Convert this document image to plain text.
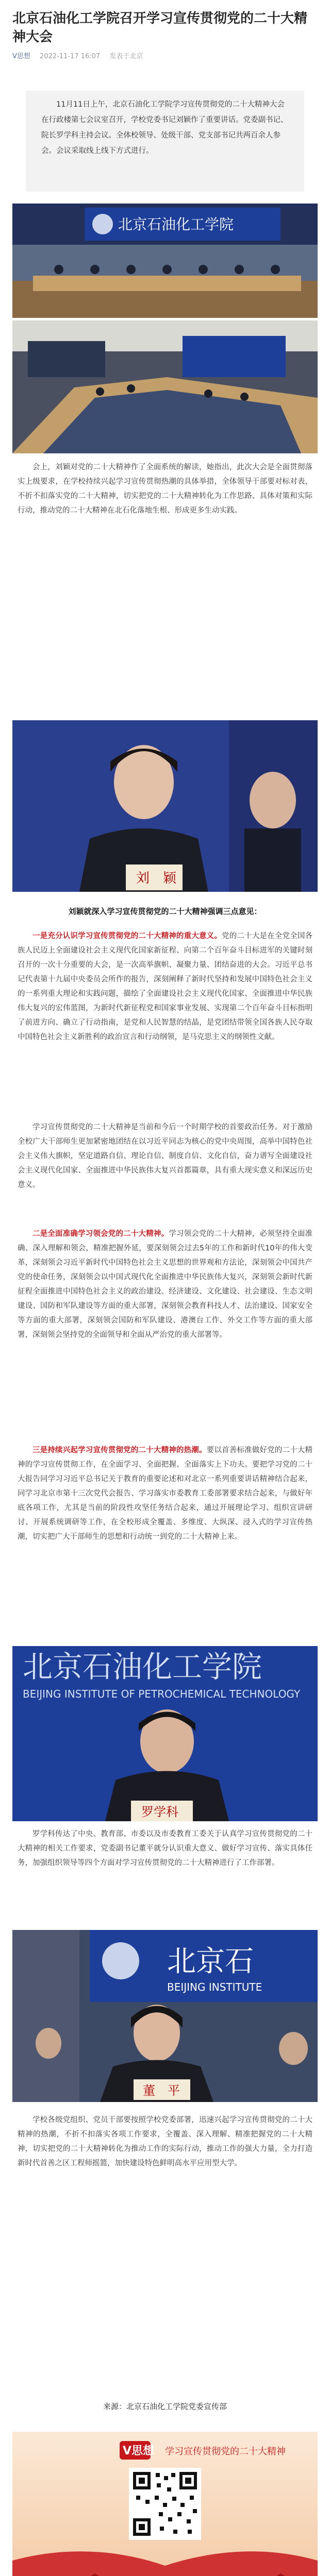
北京石油化工学院召开学习宣传贯彻党的二十大精神大会
V思想 2022-11-17 16:07 发表于北京

11月11日上午，北京石油化工学院学习宣传贯彻党的二十大精神大会在行政楼第七会议室召开，学校党委书记刘颖作了重要讲话。党委副书记、院长罗学科主持会议。全体校领导、处级干部、党支部书记共两百余人参会。会议采取线上线下方式进行。

北京石油化工学院

会上，刘颖对党的二十大精神作了全面系统的解读，她指出，此次大会是全面贯彻落实上级要求，在学校持续兴起学习宣传贯彻热潮的具体举措，全体领导干部要对标对表，不折不扣落实党的二十大精神，切实把党的二十大精神转化为工作思路、具体对策和实际行动，推动党的二十大精神在北石化落地生根、形成更多生动实践。

刘　颖

刘颖就深入学习宣传贯彻党的二十大精神强调三点意见：

一是充分认识学习宣传贯彻党的二十大精神的重大意义。党的二十大是在全党全国各族人民迈上全面建设社会主义现代化国家新征程、向第二个百年奋斗目标进军的关键时刻召开的一次十分重要的大会，是一次高举旗帜、凝聚力量、团结奋进的大会。习近平总书记代表第十九届中央委员会所作的报告，深刻阐释了新时代坚持和发展中国特色社会主义的一系列重大理论和实践问题，描绘了全面建设社会主义现代化国家、全面推进中华民族伟大复兴的宏伟蓝图，为新时代新征程党和国家事业发展、实现第二个百年奋斗目标指明了前进方向、确立了行动指南，是党和人民智慧的结晶，是党团结带领全国各族人民夺取中国特色社会主义新胜利的政治宣言和行动纲领，是马克思主义的纲领性文献。

学习宣传贯彻党的二十大精神是当前和今后一个时期学校的首要政治任务。对于激励全校广大干部师生更加紧密地团结在以习近平同志为核心的党中央周围，高举中国特色社会主义伟大旗帜，坚定道路自信、理论自信、制度自信、文化自信，奋力谱写全面建设社会主义现代化国家、全面推进中华民族伟大复兴首都篇章，具有重大现实意义和深远历史意义。

二是全面准确学习领会党的二十大精神。学习领会党的二十大精神，必须坚持全面准确、深入理解和领会，精准把握外延，要深刻领会过去5年的工作和新时代10年的伟大变革，深刻领会习近平新时代中国特色社会主义思想的世界观和方法论，深刻领会中国共产党的使命任务，深刻领会以中国式现代化全面推进中华民族伟大复兴，深刻领会新时代新征程全面推进中国特色社会主义的政治建设、经济建设、文化建设、社会建设、生态文明建设、国防和军队建设等方面的重大部署，深刻领会教育科技人才、法治建设、国家安全等方面的重大部署，深刻领会国防和军队建设、港澳台工作、外交工作等方面的重大部署，深刻领会坚持党的全面领导和全面从严治党的重大部署等。

三是持续兴起学习宣传贯彻党的二十大精神的热潮。要以首善标准做好党的二十大精神的学习宣传贯彻工作，在全面学习、全面把握、全面落实上下功夫。要把学习党的二十大报告同学习习近平总书记关于教育的重要论述和对北京一系列重要讲话精神结合起来，同学习北京市第十三次党代会报告、学习落实市委教育工委部署要求结合起来，与做好年底各项工作，尤其是当前的阶段性攻坚任务结合起来，通过开展理论学习、组织宣讲研讨、开展系统调研等工作，在全校形成全覆盖、多维度、大纵深、浸入式的学习宣传热潮，切实把广大干部师生的思想和行动统一到党的二十大精神上来。

北京石油化工学院
BEIJING INSTITUTE OF PETROCHEMICAL TECHNOLOGY
罗学科

罗学科传达了中央、教育部、市委以及市委教育工委关于认真学习宣传贯彻党的二十大精神的相关工作要求，党委副书记董平就分认识重大意义、做好学习宣传、落实具体任务，加强组织领导等四个方面对学习宣传贯彻党的二十大精神进行了工作部署。

北京石
BEIJING INSTITUTE
董　平

学校各级党组织、党员干部要按照学校党委部署，迅速兴起学习宣传贯彻党的二十大精神的热潮，不折不扣落实各项工作要求，全覆盖、深入理解、精准把握党的二十大精神，切实把党的二十大精神转化为推动工作的实际行动，推动工作的强大力量，全力打造新时代首善之区工程师摇篮，加快建设特色鲜明高水平应用型大学。

来源：北京石油化工学院党委宣传部
V思想 学习宣传贯彻党的二十大精神
